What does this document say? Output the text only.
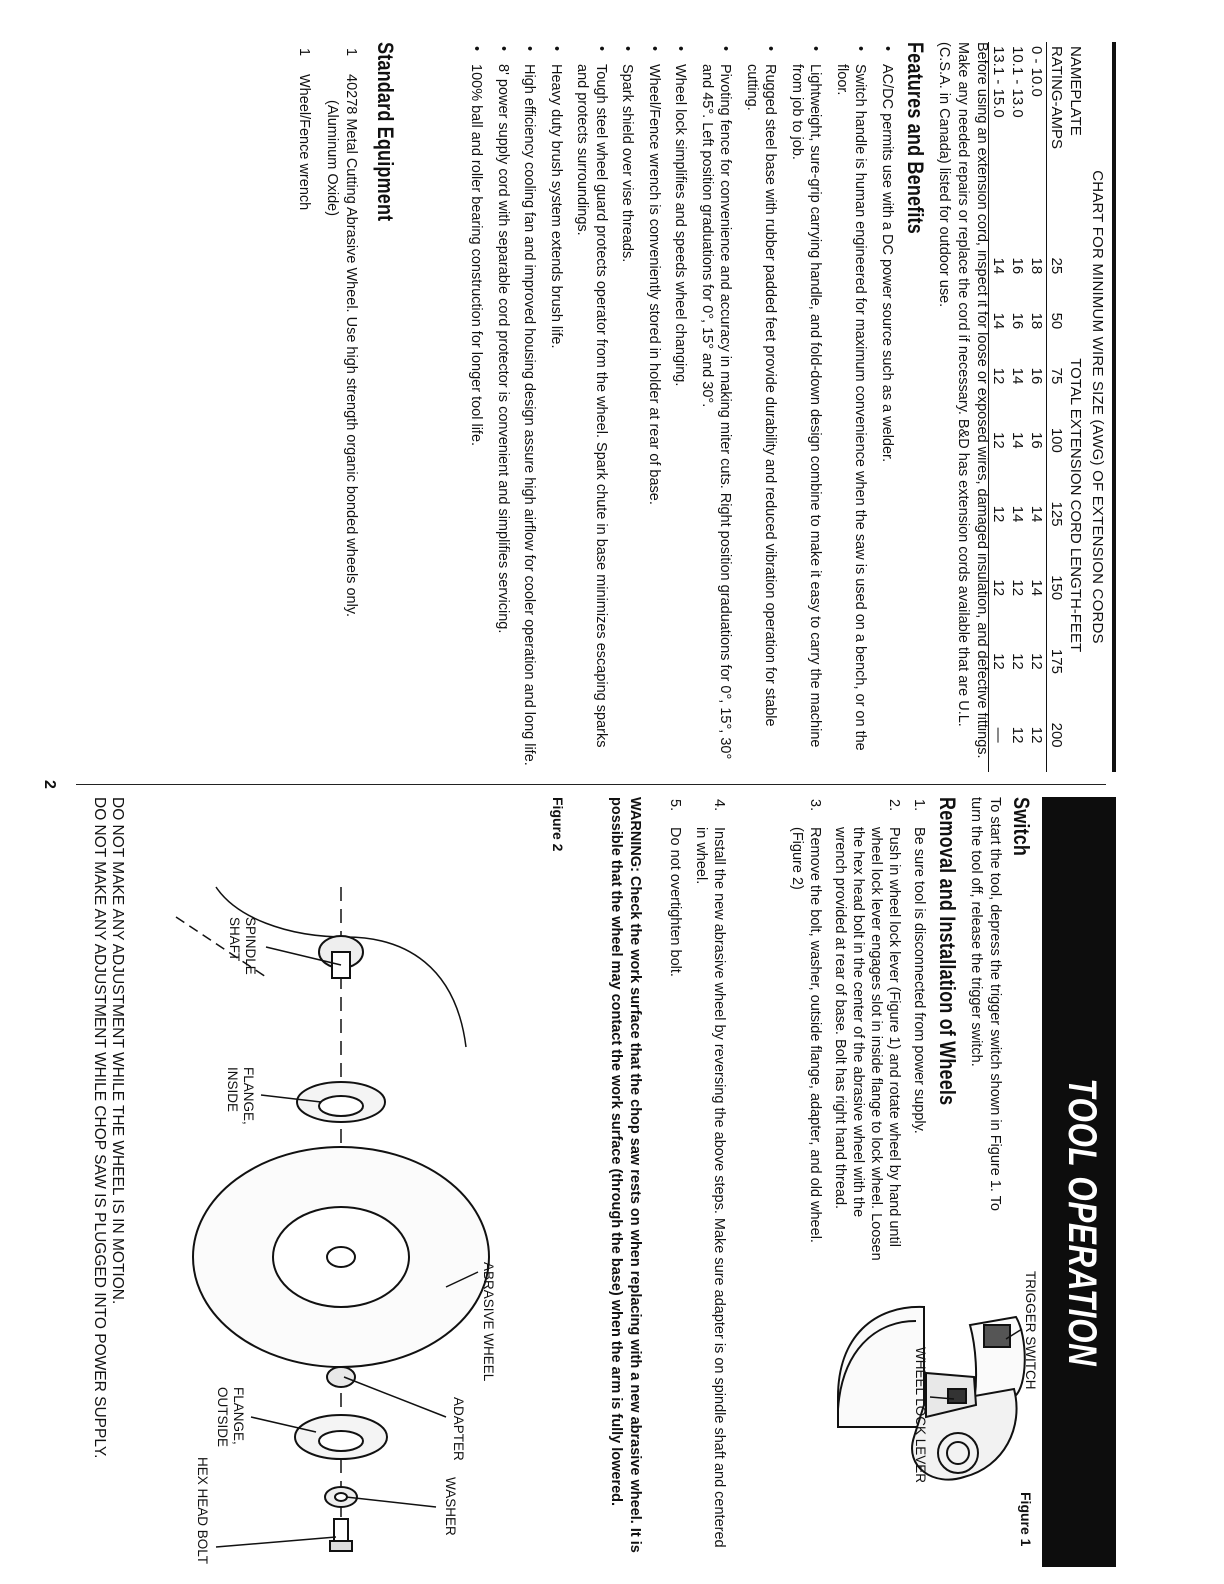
CHART FOR MINIMUM WIRE SIZE (AWG) OF EXTENSION CORDS
NAMEPLATE	TOTAL EXTENSION CORD LENGTH-FEET							
RATING-AMPS	25	50	75	100	125	150	175	200
0 - 10.0	18	18	16	16	14	14	12	12
10.1 - 13.0	16	16	14	14	14	12	12	12
13.1 - 15.0	14	14	12	12	12	12	12	—

Before using an extension cord, inspect it for loose or exposed wires, damaged insulation, and defective fittings. Make any needed repairs or replace the cord if necessary. B&D has extension cords available that are U.L. (C.S.A. in Canada) listed for outdoor use.

Features and Benefits
•
AC/DC permits use with a DC power source such as a welder.
•
Switch handle is human engineered for maximum convenience when the saw is used on a bench, or on the floor.
•
Lightweight, sure-grip carrying handle, and fold-down design combine to make it easy to carry the machine from job to job.
•
Rugged steel base with rubber padded feet provide durability and reduced vibration operation for stable cutting.
•
Pivoting fence for convenience and accuracy in making miter cuts. Right position graduations for 0°, 15°, 30° and 45°. Left position graduations for 0°, 15° and 30°.
•
Wheel lock simplifies and speeds wheel changing.
•
Wheel/Fence wrench is conveniently stored in holder at rear of base.
•
Spark shield over vise threads.
•
Tough steel wheel guard protects operator from the wheel. Spark chute in base minimizes escaping sparks and protects surroundings.
•
Heavy duty brush system extends brush life.
•
High efficiency cooling fan and improved housing design assure high airflow for cooler operation and long life.
•
8' power supply cord with separable cord protector is convenient and simplifies servicing.
•
100% ball and roller bearing construction for longer tool life.
Standard Equipment
1
40278 Metal Cutting Abrasive Wheel. Use high strength organic bonded wheels only.
(Aluminum Oxide)
1
Wheel/Fence wrench
2
TOOL OPERATION
Switch

To start the tool, depress the trigger switch shown in Figure 1. To turn the tool off, release the trigger switch.

Figure 1
TRIGGER SWITCH
WHEEL LOCK LEVER
Removal and Installation of Wheels
1.
Be sure tool is disconnected from power supply.
2.
Push in wheel lock lever (Figure 1) and rotate wheel by hand until wheel lock lever engages slot in inside flange to lock wheel. Loosen the hex head bolt in the center of the abrasive wheel with the wrench provided at rear of base. Bolt has right hand thread.
3.
Remove the bolt, washer, outside flange, adapter, and old wheel. (Figure 2)
4.
Install the new abrasive wheel by reversing the above steps. Make sure adapter is on spindle shaft and centered in wheel.
5.
Do not overtighten bolt.

WARNING: Check the work surface that the chop saw rests on when replacing with a new abrasive wheel. It is possible that the wheel may contact the work surface (through the base) when the arm is fully lowered.

Figure 2
SPINDLE
SHAFT
FLANGE,
INSIDE
ABRASIVE WHEEL
ADAPTER
FLANGE,
OUTSIDE
WASHER
HEX HEAD BOLT
DO NOT MAKE ANY ADJUSTMENT WHILE THE WHEEL IS IN MOTION.
DO NOT MAKE ANY ADJUSTMENT WHILE CHOP SAW IS PLUGGED INTO POWER SUPPLY.
